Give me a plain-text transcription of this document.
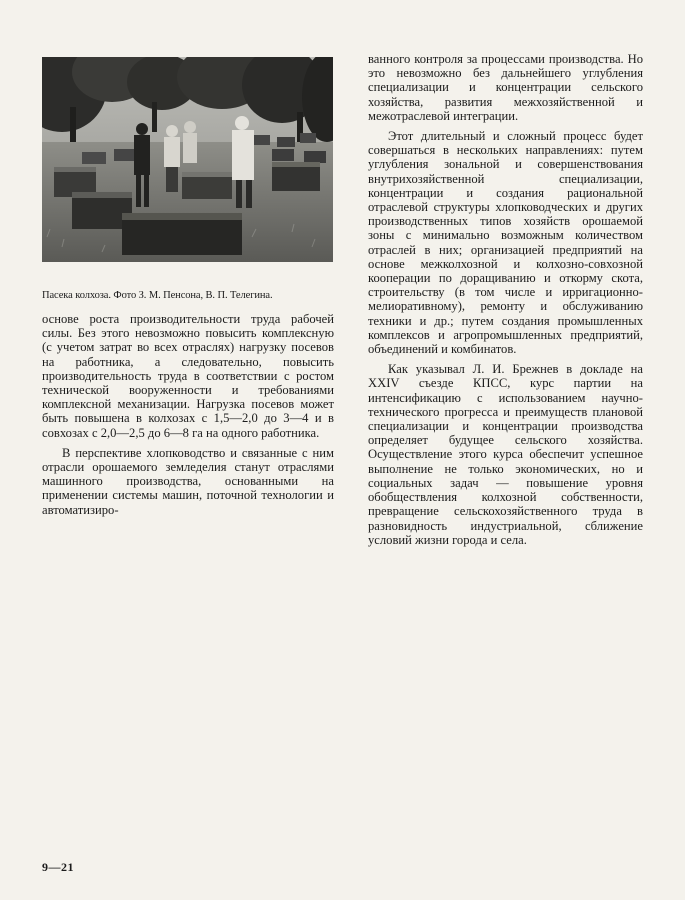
Пасека колхоза. Фото З. М. Пенсона, В. П. Телегина.

основе роста производительности труда рабочей силы. Без этого невозможно повысить комплексную (с учетом затрат во всех отраслях) нагрузку посевов на работника, а следовательно, повысить производительность труда в соответствии с ростом технической вооруженности и требованиями комплексной механизации. Нагрузка посевов может быть повышена в колхозах с 1,5—2,0 до 3—4 и в совхозах с 2,0—2,5 до 6—8 га на одного работника.

В перспективе хлопководство и связанные с ним отрасли орошаемого земледелия станут отраслями машинного производства, основанными на применении системы машин, поточной технологии и автоматизиро-

ванного контроля за процессами производства. Но это невозможно без дальнейшего углубления специализации и концентрации сельского хозяйства, развития межхозяйственной и межотраслевой интеграции.

Этот длительный и сложный процесс будет совершаться в нескольких направлениях: путем углубления зональной и совершенствования внутрихозяйственной специализации, концентрации и создания рациональной отраслевой структуры хлопководческих и других производственных типов хозяйств орошаемой зоны с минимально возможным количеством отраслей в них; организацией предприятий на основе межколхозной и колхозно-совхозной кооперации по доращиванию и откорму скота, строительству (в том числе и ирригационно-мелиоративному), ремонту и обслуживанию техники и др.; путем создания промышленных комплексов и агропромышленных предприятий, объединений и комбинатов.

Как указывал Л. И. Брежнев в докладе на XXIV съезде КПСС, курс партии на интенсификацию с использованием научно-технического прогресса и преимуществ плановой специализации и концентрации производства определяет будущее сельского хозяйства. Осуществление этого курса обеспечит успешное выполнение не только экономических, но и социальных задач — повышение уровня обобществления колхозной собственности, превращение сельскохозяйственного труда в разновидность индустриальной, сближение условий жизни города и села.

9—21
